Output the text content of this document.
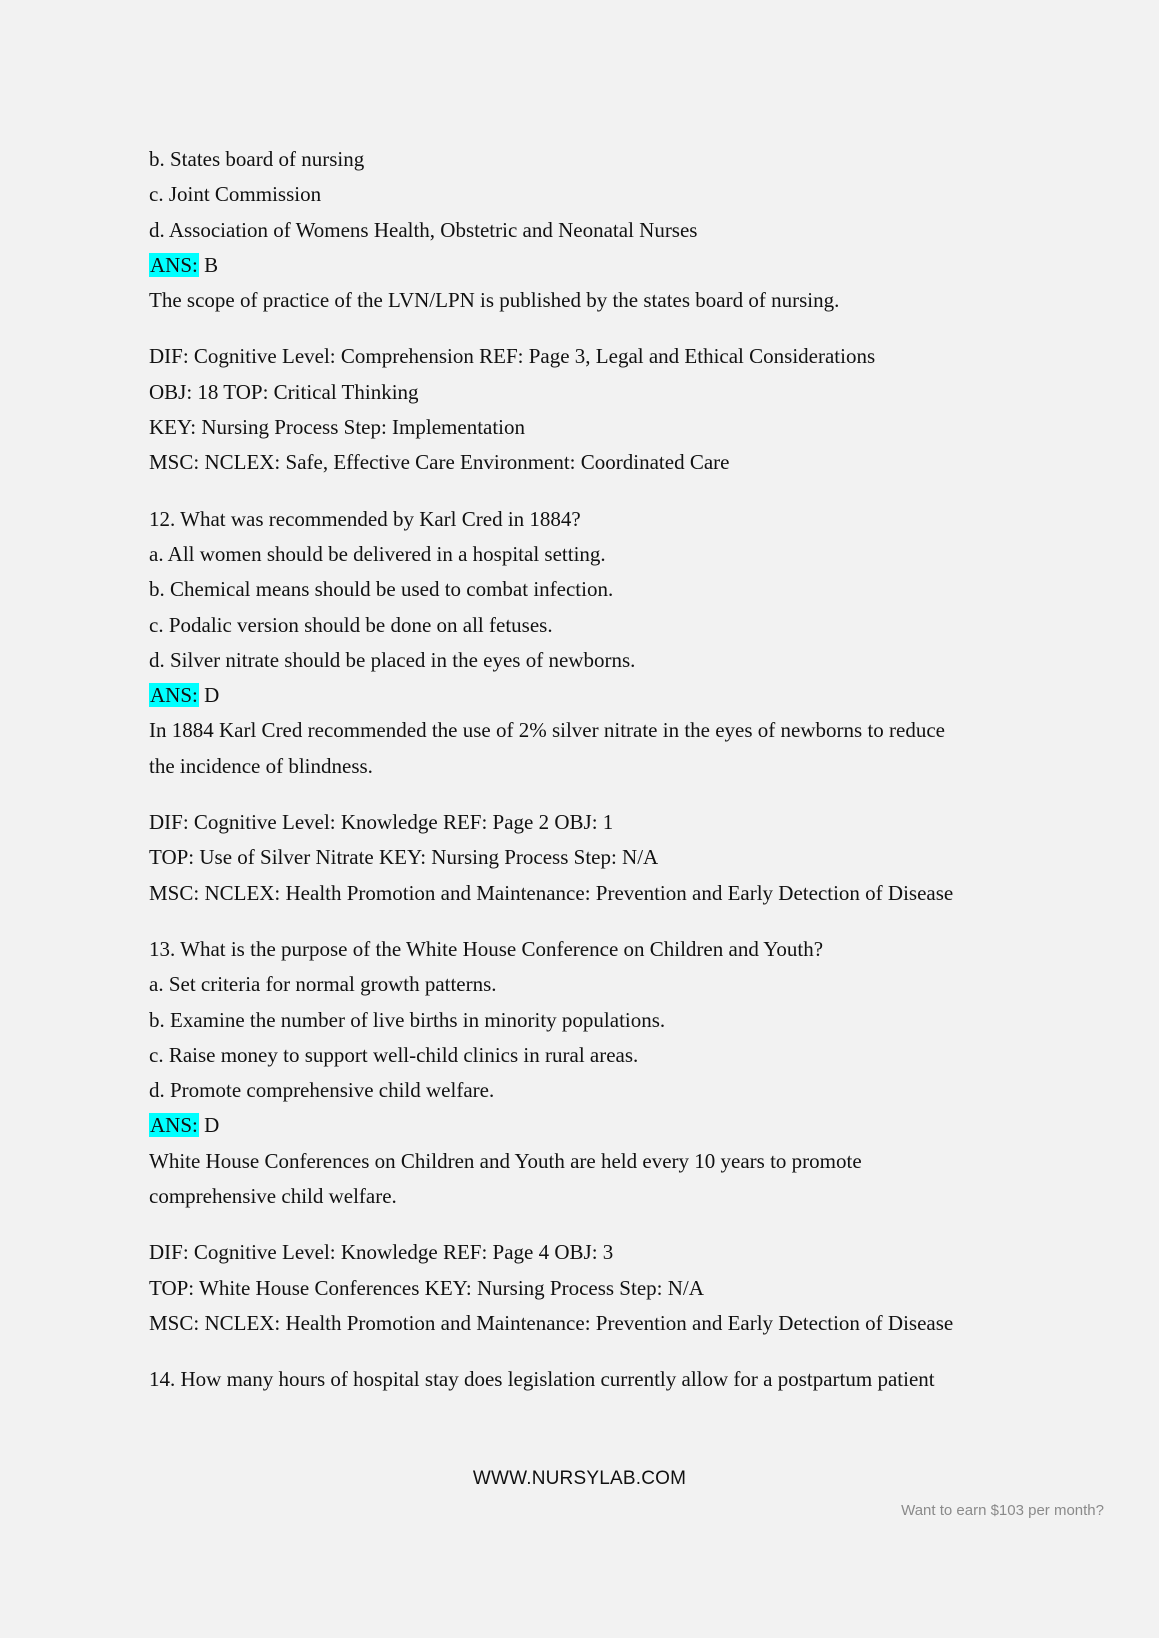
b. States board of nursing
c. Joint Commission
d. Association of Womens Health, Obstetric and Neonatal Nurses
ANS: B
The scope of practice of the LVN/LPN is published by the states board of nursing.
DIF: Cognitive Level: Comprehension REF: Page 3, Legal and Ethical Considerations
OBJ: 18 TOP: Critical Thinking
KEY: Nursing Process Step: Implementation
MSC: NCLEX: Safe, Effective Care Environment: Coordinated Care
12. What was recommended by Karl Cred in 1884?
a. All women should be delivered in a hospital setting.
b. Chemical means should be used to combat infection.
c. Podalic version should be done on all fetuses.
d. Silver nitrate should be placed in the eyes of newborns.
ANS: D
In 1884 Karl Cred recommended the use of 2% silver nitrate in the eyes of newborns to reduce
the incidence of blindness.
DIF: Cognitive Level: Knowledge REF: Page 2 OBJ: 1
TOP: Use of Silver Nitrate KEY: Nursing Process Step: N/A
MSC: NCLEX: Health Promotion and Maintenance: Prevention and Early Detection of Disease
13. What is the purpose of the White House Conference on Children and Youth?
a. Set criteria for normal growth patterns.
b. Examine the number of live births in minority populations.
c. Raise money to support well-child clinics in rural areas.
d. Promote comprehensive child welfare.
ANS: D
White House Conferences on Children and Youth are held every 10 years to promote
comprehensive child welfare.
DIF: Cognitive Level: Knowledge REF: Page 4 OBJ: 3
TOP: White House Conferences KEY: Nursing Process Step: N/A
MSC: NCLEX: Health Promotion and Maintenance: Prevention and Early Detection of Disease
14. How many hours of hospital stay does legislation currently allow for a postpartum patient
WWW.NURSYLAB.COM
Want to earn $103 per month?
